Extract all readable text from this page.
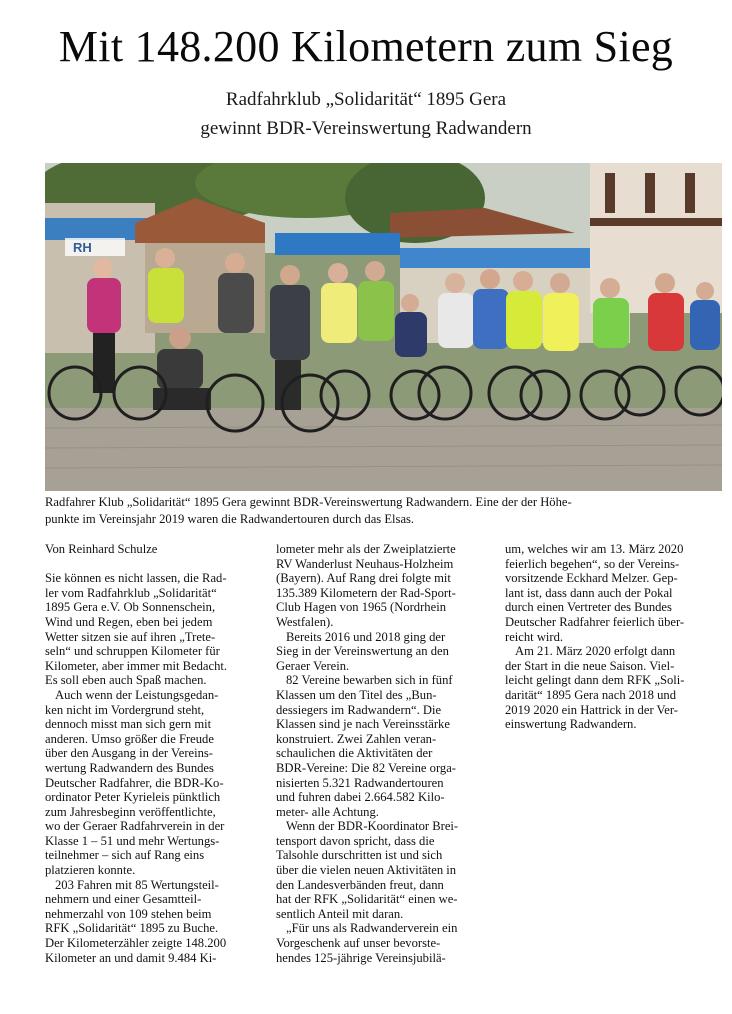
Mit 148.200 Kilometern zum Sieg
Radfahrklub „Solidarität“ 1895 Gera
gewinnt BDR-Vereinswertung Radwandern
RH
Radfahrer Klub „Solidarität“ 1895 Gera gewinnt BDR-Vereinswertung Radwandern. Eine der der Höhe-
punkte im Vereinsjahr 2019 waren die Radwandertouren durch das Elsas.

Von Reinhard Schulze

Sie können es nicht lassen, die Rad-
ler vom Radfahrklub „Solidarität“
1895 Gera e.V. Ob Sonnenschein,
Wind und Regen, eben bei jedem
Wetter sitzen sie auf ihren „Trete-
seln“ und schruppen Kilometer für
Kilometer, aber immer mit Bedacht.
Es soll eben auch Spaß machen.
Auch wenn der Leistungsgedan-
ken nicht im Vordergrund steht,
dennoch misst man sich gern mit
anderen. Umso größer die Freude
über den Ausgang in der Vereins-
wertung Radwandern des Bundes
Deutscher Radfahrer, die BDR-Ko-
ordinator Peter Kyrieleis pünktlich
zum Jahresbeginn veröffentlichte,
wo der Geraer Radfahrverein in der
Klasse 1 – 51 und mehr Wertungs-
teilnehmer – sich auf Rang eins
platzieren konnte.
203 Fahren mit 85 Wertungsteil-
nehmern und einer Gesamtteil-
nehmerzahl von 109 stehen beim
RFK „Solidarität“ 1895 zu Buche.
Der Kilometerzähler zeigte 148.200
Kilometer an und damit 9.484 Ki-
lometer mehr als der Zweiplatzierte
RV Wanderlust Neuhaus-Holzheim
(Bayern). Auf Rang drei folgte mit
135.389 Kilometern der Rad-Sport-
Club Hagen von 1965 (Nordrhein
Westfalen).
Bereits 2016 und 2018 ging der
Sieg in der Vereinswertung an den
Geraer Verein.
82 Vereine bewarben sich in fünf
Klassen um den Titel des „Bun-
dessiegers im Radwandern“. Die
Klassen sind je nach Vereinsstärke
konstruiert. Zwei Zahlen veran-
schaulichen die Aktivitäten der
BDR-Vereine: Die 82 Vereine orga-
nisierten 5.321 Radwandertouren
und fuhren dabei 2.664.582 Kilo-
meter- alle Achtung.
Wenn der BDR-Koordinator Brei-
tensport davon spricht, dass die
Talsohle durschritten ist und sich
über die vielen neuen Aktivitäten in
den Landesverbänden freut, dann
hat der RFK „Solidarität“ einen we-
sentlich Anteil mit daran.
„Für uns als Radwanderverein ein
Vorgeschenk auf unser bevorste-
hendes 125-jährige Vereinsjubilä-
um, welches wir am 13. März 2020
feierlich begehen“, so der Vereins-
vorsitzende Eckhard Melzer. Gep-
lant ist, dass dann auch der Pokal
durch einen Vertreter des Bundes
Deutscher Radfahrer feierlich über-
reicht wird.
Am 21. März 2020 erfolgt dann
der Start in die neue Saison. Viel-
leicht gelingt dann dem RFK „Soli-
darität“ 1895 Gera nach 2018 und
2019 2020 ein Hattrick in der Ver-
einswertung Radwandern.
